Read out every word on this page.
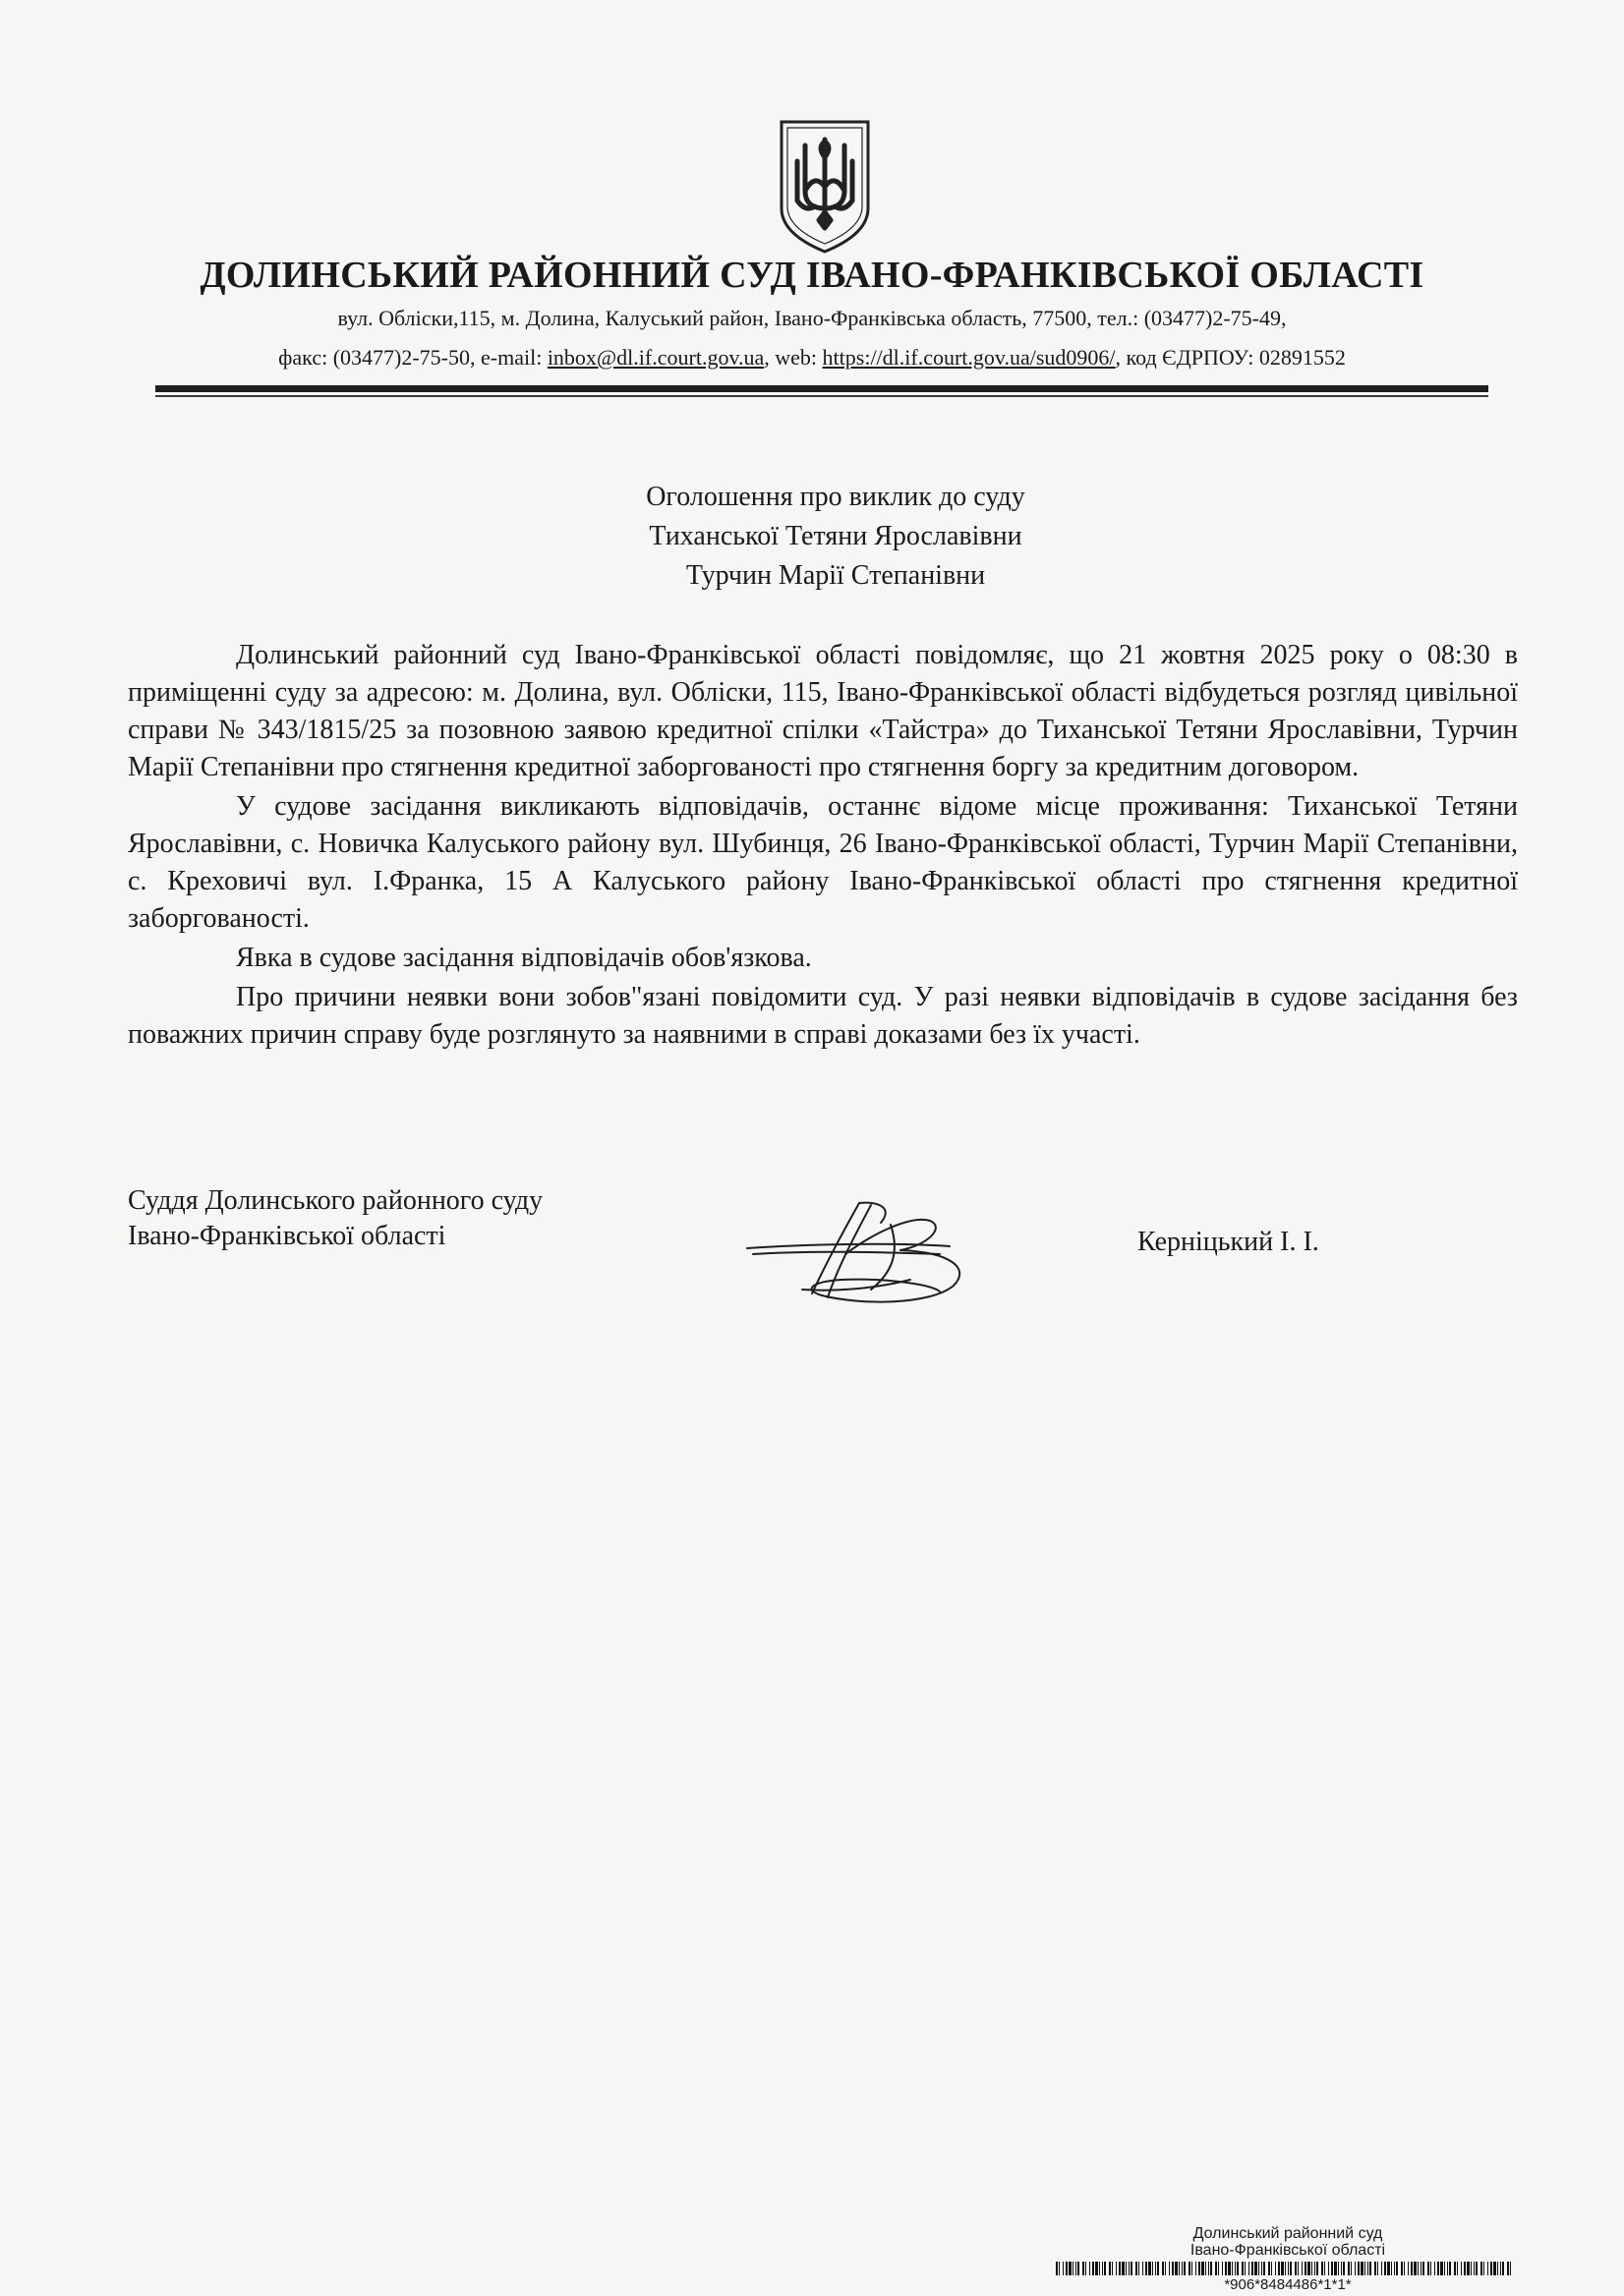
ДОЛИНСЬКИЙ РАЙОННИЙ СУД ІВАНО-ФРАНКІВСЬКОЇ ОБЛАСТІ
вул. Обліски,115, м. Долина, Калуський район, Івано-Франківська область, 77500, тел.: (03477)2-75-49,
факс: (03477)2-75-50, e-mail: inbox@dl.if.court.gov.ua, web: https://dl.if.court.gov.ua/sud0906/, код ЄДРПОУ: 02891552
Оголошення про виклик до суду
Тиханської Тетяни Ярославівни
Турчин Марії Степанівни

Долинський районний суд Івано-Франківської області повідомляє, що 21 жовтня 2025 року о 08:30 в приміщенні суду за адресою: м. Долина, вул. Обліски, 115, Івано-Франківської області відбудеться розгляд цивільної справи № 343/1815/25 за позовною заявою кредитної спілки «Тайстра» до Тиханської Тетяни Ярославівни, Турчин Марії Степанівни про стягнення кредитної заборгованості про стягнення боргу за кредитним договором.

У судове засідання викликають відповідачів, останнє відоме місце проживання: Тиханської Тетяни Ярославівни, с. Новичка Калуського району вул. Шубинця, 26 Івано-Франківської області, Турчин Марії Степанівни, с. Креховичі вул. І.Франка, 15 А Калуського району Івано-Франківської області про стягнення кредитної заборгованості.

Явка в судове засідання відповідачів обов'язкова.

Про причини неявки вони зобов"язані повідомити суд. У разі неявки відповідачів в судове засідання без поважних причин справу буде розглянуто за наявними в справі доказами без їх участі.

Суддя Долинського районного суду
Івано-Франківської області	Керніцький І. І.
Долинський районний суд
Івано-Франківської області
*906*8484486*1*1*
